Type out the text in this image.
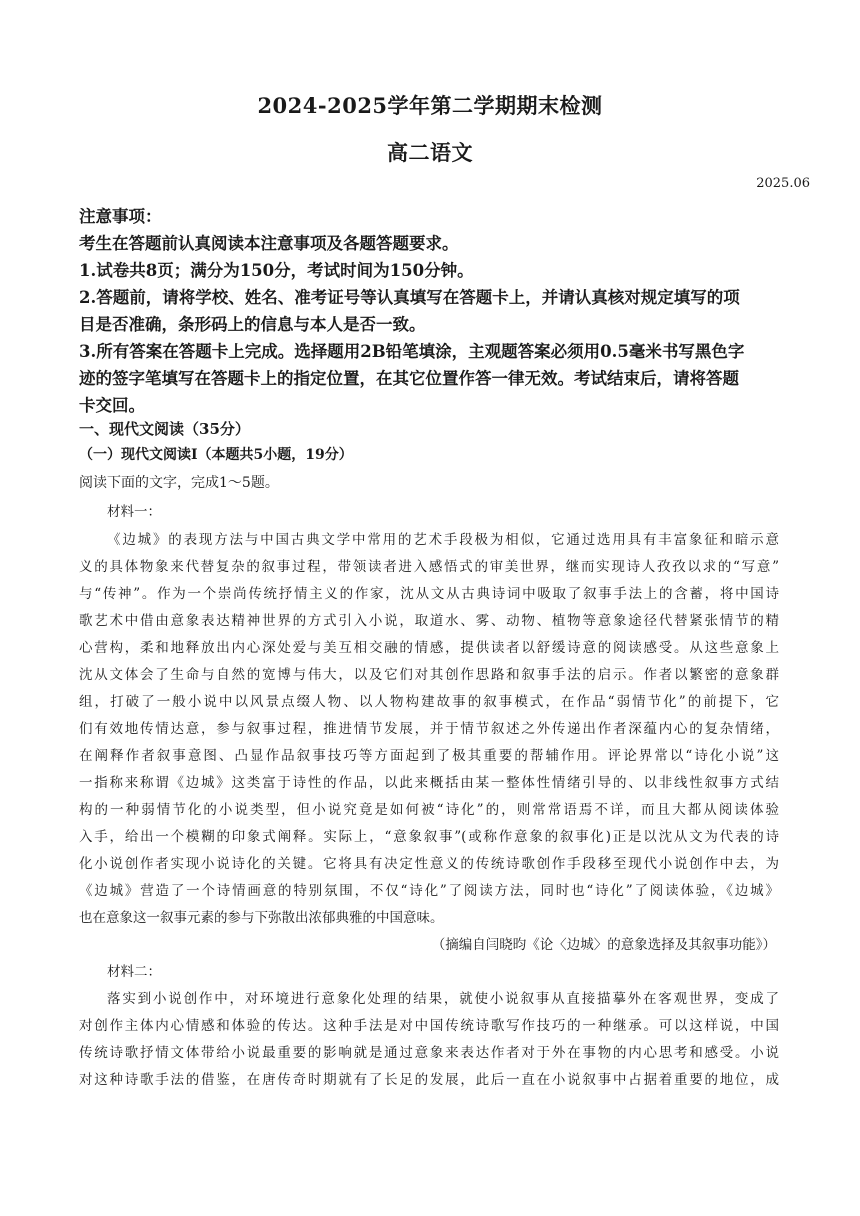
2024-2025学年第二学期期末检测
高二语文
2025.06
注意事项：
考生在答题前认真阅读本注意事项及各题答题要求。
1.试卷共8页；满分为150分，考试时间为150分钟。
2.答题前，请将学校、姓名、准考证号等认真填写在答题卡上，并请认真核对规定填写的项
目是否准确，条形码上的信息与本人是否一致。
3.所有答案在答题卡上完成。选择题用2B铅笔填涂，主观题答案必须用0.5毫米书写黑色字
迹的签字笔填写在答题卡上的指定位置，在其它位置作答一律无效。考试结束后，请将答题
卡交回。
一、现代文阅读（35分）
（一）现代文阅读Ⅰ（本题共5小题，19分）
阅读下面的文字，完成1～5题。
材料一：
《边城》的表现方法与中国古典文学中常用的艺术手段极为相似，它通过选用具有丰富象征和暗示意
义的具体物象来代替复杂的叙事过程，带领读者进入感悟式的审美世界，继而实现诗人孜孜以求的“写意”
与“传神”。作为一个崇尚传统抒情主义的作家，沈从文从古典诗词中吸取了叙事手法上的含蓄，将中国诗
歌艺术中借由意象表达精神世界的方式引入小说，取道水、雾、动物、植物等意象途径代替紧张情节的精
心营构，柔和地释放出内心深处爱与美互相交融的情感，提供读者以舒缓诗意的阅读感受。从这些意象上
沈从文体会了生命与自然的宽博与伟大，以及它们对其创作思路和叙事手法的启示。作者以繁密的意象群
组，打破了一般小说中以风景点缀人物、以人物构建故事的叙事模式，在作品“弱情节化”的前提下，它
们有效地传情达意，参与叙事过程，推进情节发展，并于情节叙述之外传递出作者深蕴内心的复杂情绪，
在阐释作者叙事意图、凸显作品叙事技巧等方面起到了极其重要的帮辅作用。评论界常以“诗化小说”这
一指称来称谓《边城》这类富于诗性的作品，以此来概括由某一整体性情绪引导的、以非线性叙事方式结
构的一种弱情节化的小说类型，但小说究竟是如何被“诗化”的，则常常语焉不详，而且大都从阅读体验
入手，给出一个模糊的印象式阐释。实际上，“意象叙事”(或称作意象的叙事化)正是以沈从文为代表的诗
化小说创作者实现小说诗化的关键。它将具有决定性意义的传统诗歌创作手段移至现代小说创作中去，为
《边城》营造了一个诗情画意的特别氛围，不仅“诗化”了阅读方法，同时也“诗化”了阅读体验，《边城》
也在意象这一叙事元素的参与下弥散出浓郁典雅的中国意味。
（摘编自闫晓昀《论〈边城〉的意象选择及其叙事功能》）
材料二：
落实到小说创作中，对环境进行意象化处理的结果，就使小说叙事从直接描摹外在客观世界，变成了
对创作主体内心情感和体验的传达。这种手法是对中国传统诗歌写作技巧的一种继承。可以这样说，中国
传统诗歌抒情文体带给小说最重要的影响就是通过意象来表达作者对于外在事物的内心思考和感受。小说
对这种诗歌手法的借鉴，在唐传奇时期就有了长足的发展，此后一直在小说叙事中占据着重要的地位，成
